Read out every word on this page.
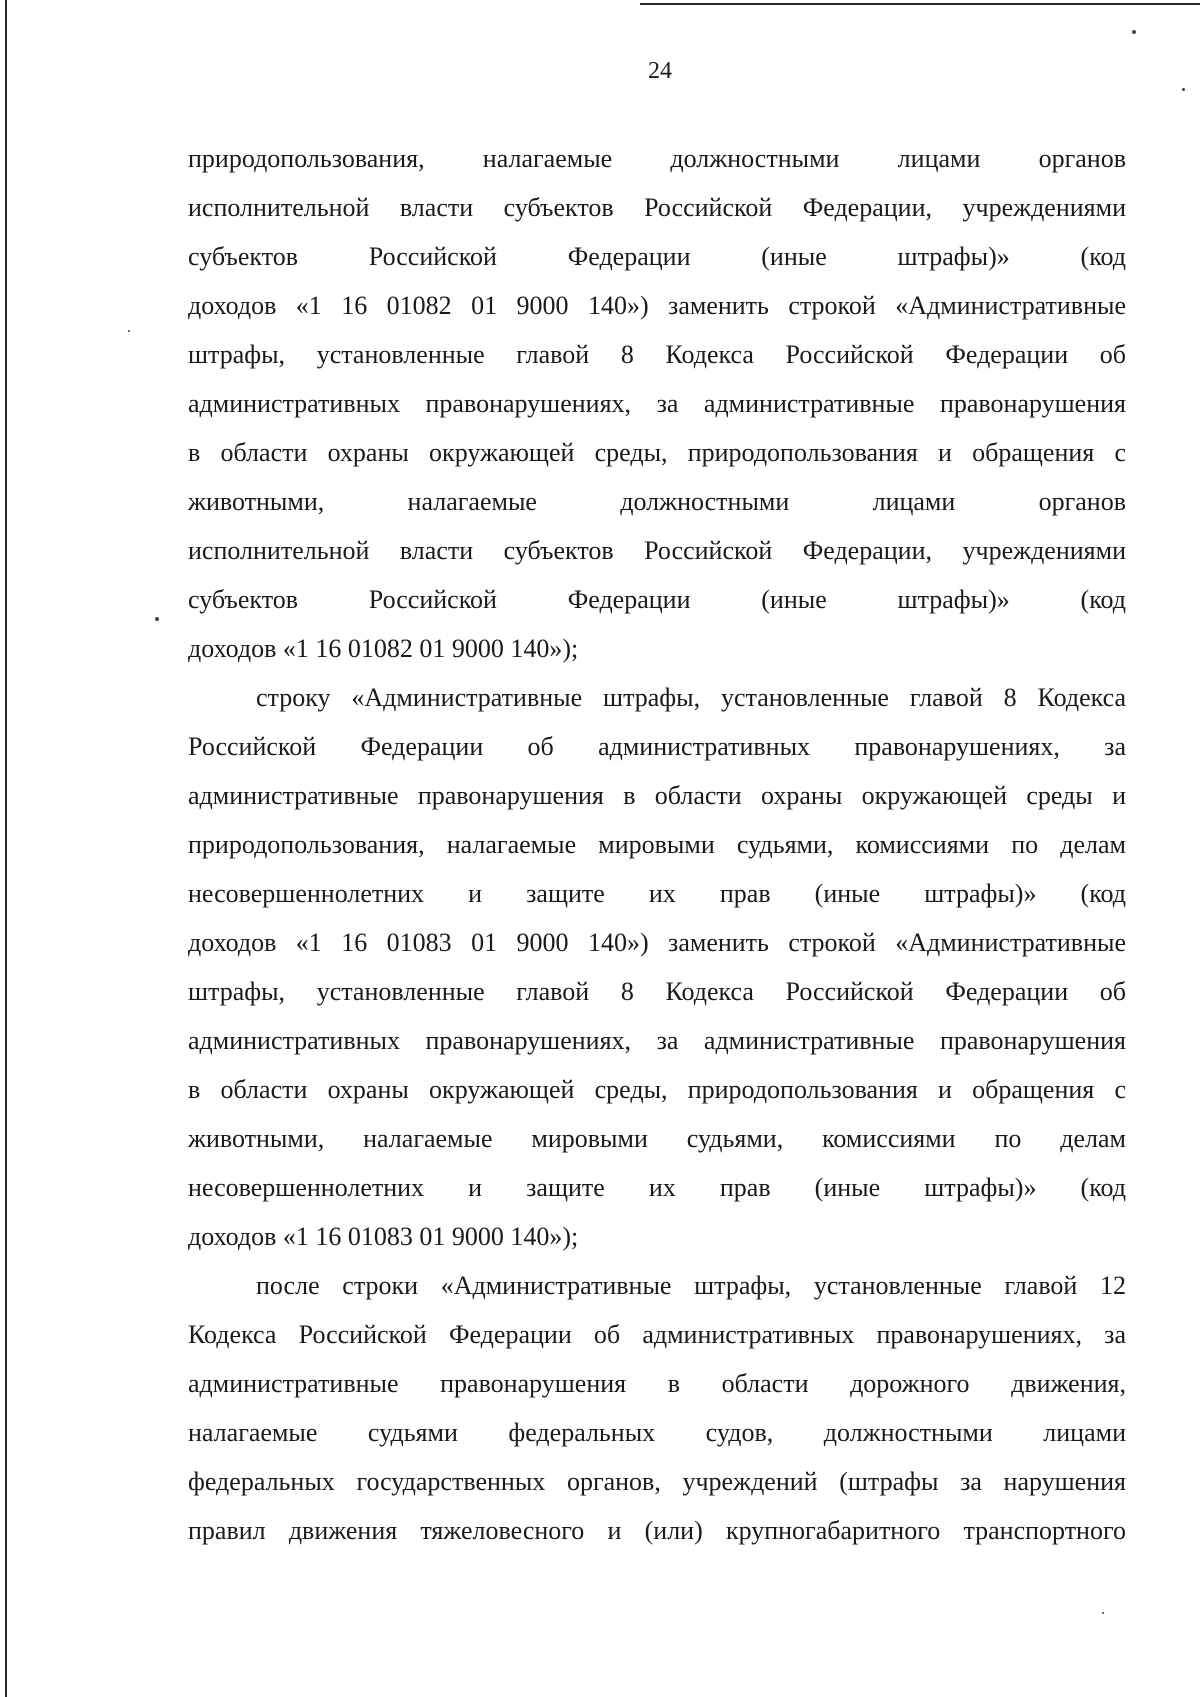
24
природопользования, налагаемые должностными лицами органов
исполнительной власти субъектов Российской Федерации, учреждениями
субъектов Российской Федерации (иные штрафы)» (код
доходов «1 16 01082 01 9000 140») заменить строкой «Административные
штрафы, установленные главой 8 Кодекса Российской Федерации об
административных правонарушениях, за административные правонарушения
в области охраны окружающей среды, природопользования и обращения с
животными, налагаемые должностными лицами органов
исполнительной власти субъектов Российской Федерации, учреждениями
субъектов Российской Федерации (иные штрафы)» (код
доходов «1 16 01082 01 9000 140»);
строку «Административные штрафы, установленные главой 8 Кодекса
Российской Федерации об административных правонарушениях, за
административные правонарушения в области охраны окружающей среды и
природопользования, налагаемые мировыми судьями, комиссиями по делам
несовершеннолетних и защите их прав (иные штрафы)» (код
доходов «1 16 01083 01 9000 140») заменить строкой «Административные
штрафы, установленные главой 8 Кодекса Российской Федерации об
административных правонарушениях, за административные правонарушения
в области охраны окружающей среды, природопользования и обращения с
животными, налагаемые мировыми судьями, комиссиями по делам
несовершеннолетних и защите их прав (иные штрафы)» (код
доходов «1 16 01083 01 9000 140»);
после строки «Административные штрафы, установленные главой 12
Кодекса Российской Федерации об административных правонарушениях, за
административные правонарушения в области дорожного движения,
налагаемые судьями федеральных судов, должностными лицами
федеральных государственных органов, учреждений (штрафы за нарушения
правил движения тяжеловесного и (или) крупногабаритного транспортного
